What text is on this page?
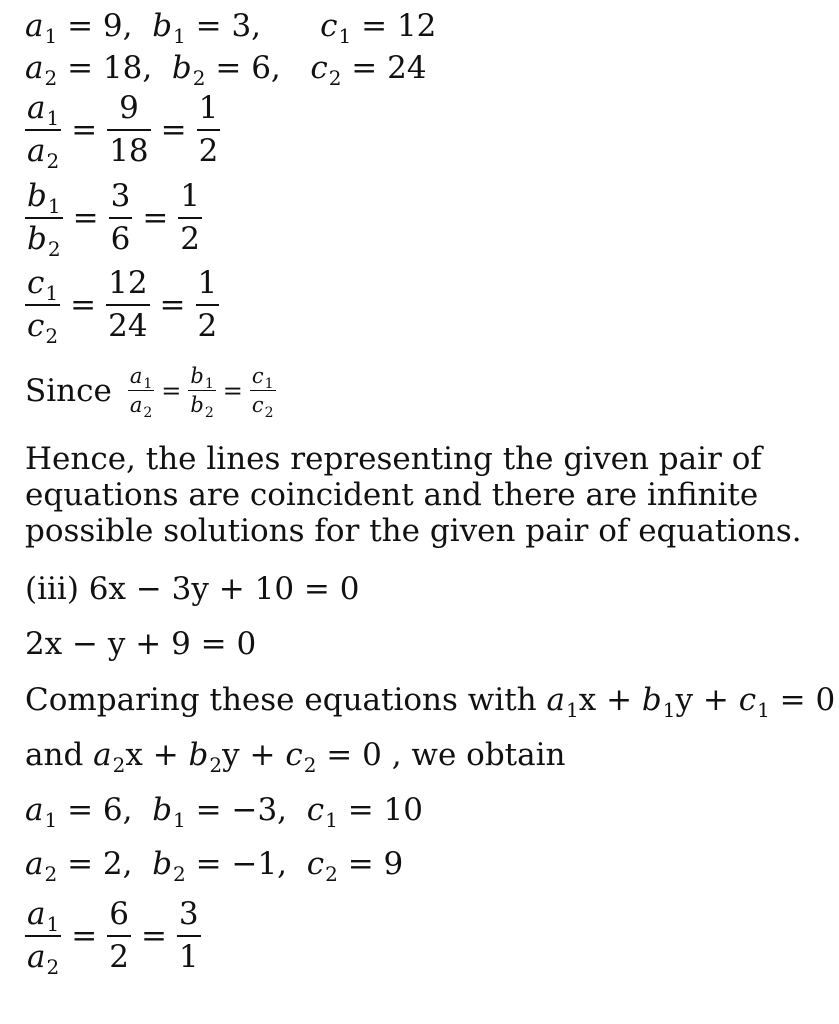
$a_1 = 9$,  $b_1 = 3$,      $c_1 = 12$
$a_2 = 18$,  $b_2 = 6$,   $c_2 = 24$
$\frac{a_1}{a_2} = \frac{9}{18} = \frac{1}{2}$
$\frac{b_1}{b_2} = \frac{3}{6} = \frac{1}{2}$
$\frac{c_1}{c_2} = \frac{12}{24} = \frac{1}{2}$
Since $\frac{a_1}{a_2} = \frac{b_1}{b_2} = \frac{c_1}{c_2}$
Hence, the lines representing the given pair of
equations are coincident and there are infinite
possible solutions for the given pair of equations.
(iii) 6x − 3y + 10 = 0
2x − y + 9 = 0
Comparing these equations with $a_1x + b_1y + c_1 = 0$
and $a_2x + b_2y + c_2 = 0$ , we obtain
$a_1 = 6$,  $b_1 = -3$,  $c_1 = 10$
$a_2 = 2$,  $b_2 = -1$,  $c_2 = 9$
$\frac{a_1}{a_2} = \frac{6}{2} = \frac{3}{1}$
